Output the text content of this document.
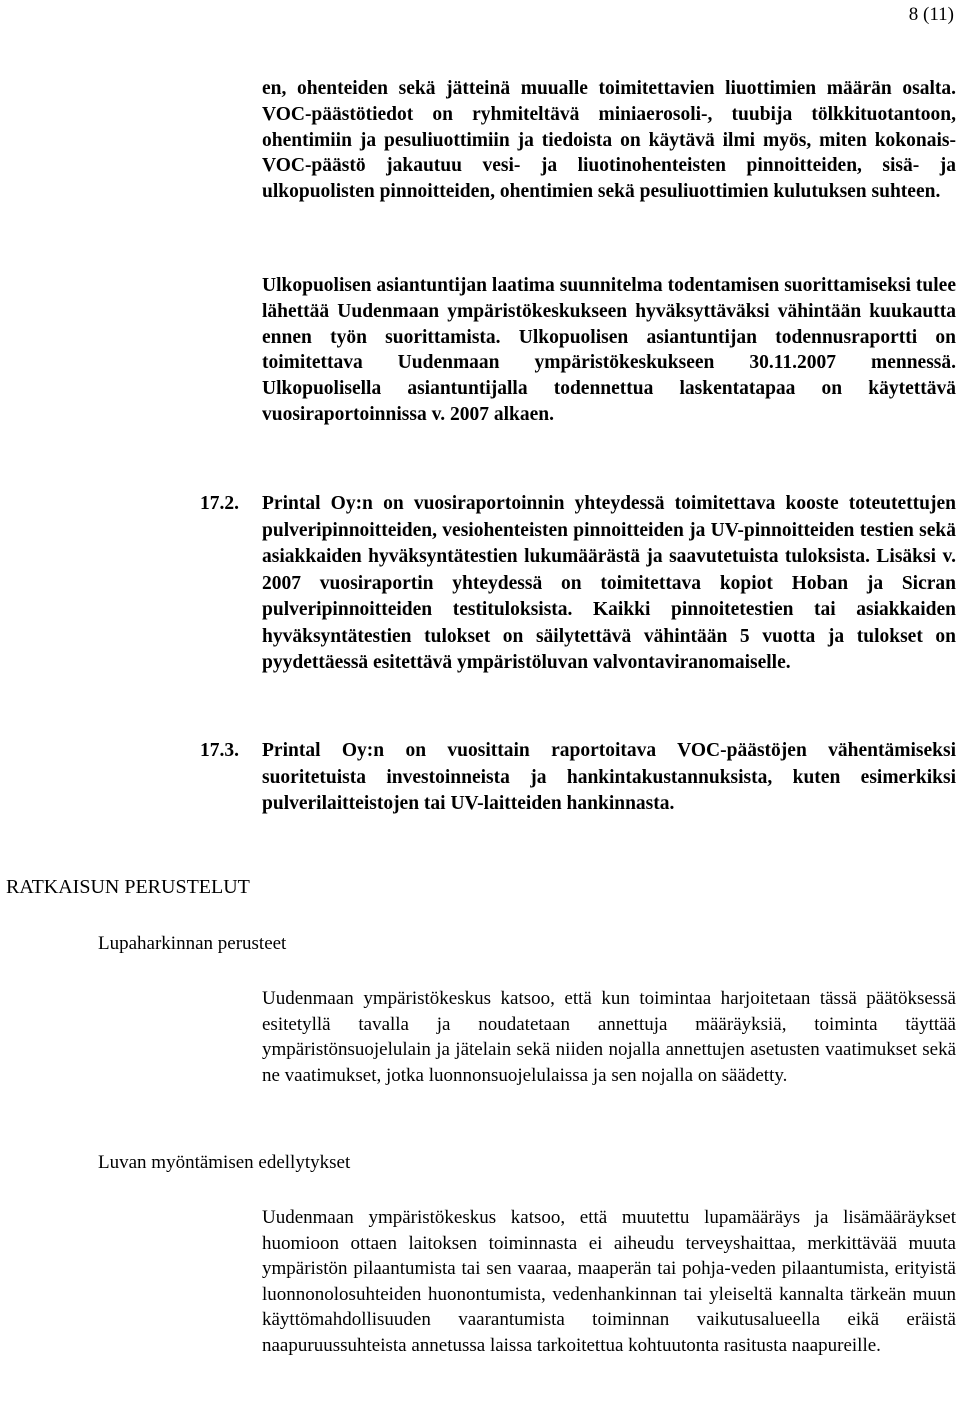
8 (11)

en, ohenteiden sekä jätteinä muualle toimitettavien liuottimien määrän osalta. VOC-päästötiedot on ryhmiteltävä miniaerosoli-, tuubija tölkkituotantoon, ohentimiin ja pesuliuottimiin ja tiedoista on käytävä ilmi myös, miten kokonais-VOC-päästö jakautuu vesi- ja liuotinohenteisten pinnoitteiden, sisä- ja ulkopuolisten pinnoitteiden, ohentimien sekä pesuliuottimien kulutuksen suhteen.

Ulkopuolisen asiantuntijan laatima suunnitelma todentamisen suorittamiseksi tulee lähettää Uudenmaan ympäristökeskukseen hyväksyttäväksi vähintään kuukautta ennen työn suorittamista. Ulkopuolisen asiantuntijan todennusraportti on toimitettava Uudenmaan ympäristökeskukseen 30.11.2007 mennessä. Ulkopuolisella asiantuntijalla todennettua laskentatapaa on käytettävä vuosiraportoinnissa v. 2007 alkaen.

17.2.	Printal Oy:n on vuosiraportoinnin yhteydessä toimitettava kooste toteutettujen pulveripinnoitteiden, vesiohenteisten pinnoitteiden ja UV-pinnoitteiden testien sekä asiakkaiden hyväksyntätestien lukumäärästä ja saavutetuista tuloksista. Lisäksi v. 2007 vuosiraportin yhteydessä on toimitettava kopiot Hoban ja Sicran pulveripinnoitteiden testituloksista. Kaikki pinnoitetestien tai asiakkaiden hyväksyntätestien tulokset on säilytettävä vähintään 5 vuotta ja tulokset on pyydettäessä esitettävä ympäristöluvan valvontaviranomaiselle.
17.3.	Printal Oy:n on vuosittain raportoitava VOC-päästöjen vähentämiseksi suoritetuista investoinneista ja hankintakustannuksista, kuten esimerkiksi pulverilaitteistojen tai UV-laitteiden hankinnasta.
RATKAISUN PERUSTELUT
Lupaharkinnan perusteet

Uudenmaan ympäristökeskus katsoo, että kun toimintaa harjoitetaan tässä päätöksessä esitetyllä tavalla ja noudatetaan annettuja määräyksiä, toiminta täyttää ympäristönsuojelulain ja jätelain sekä niiden nojalla annettujen asetusten vaatimukset sekä ne vaatimukset, jotka luonnonsuojelulaissa ja sen nojalla on säädetty.

Luvan myöntämisen edellytykset

Uudenmaan ympäristökeskus katsoo, että muutettu lupamääräys ja lisämääräykset huomioon ottaen laitoksen toiminnasta ei aiheudu terveyshaittaa, merkittävää muuta ympäristön pilaantumista tai sen vaaraa, maaperän tai pohja-veden pilaantumista, erityistä luonnonolosuhteiden huonontumista, vedenhankinnan tai yleiseltä kannalta tärkeän muun käyttömahdollisuuden vaarantumista toiminnan vaikutusalueella eikä eräistä naapuruussuhteista annetussa laissa tarkoitettua kohtuutonta rasitusta naapureille.
